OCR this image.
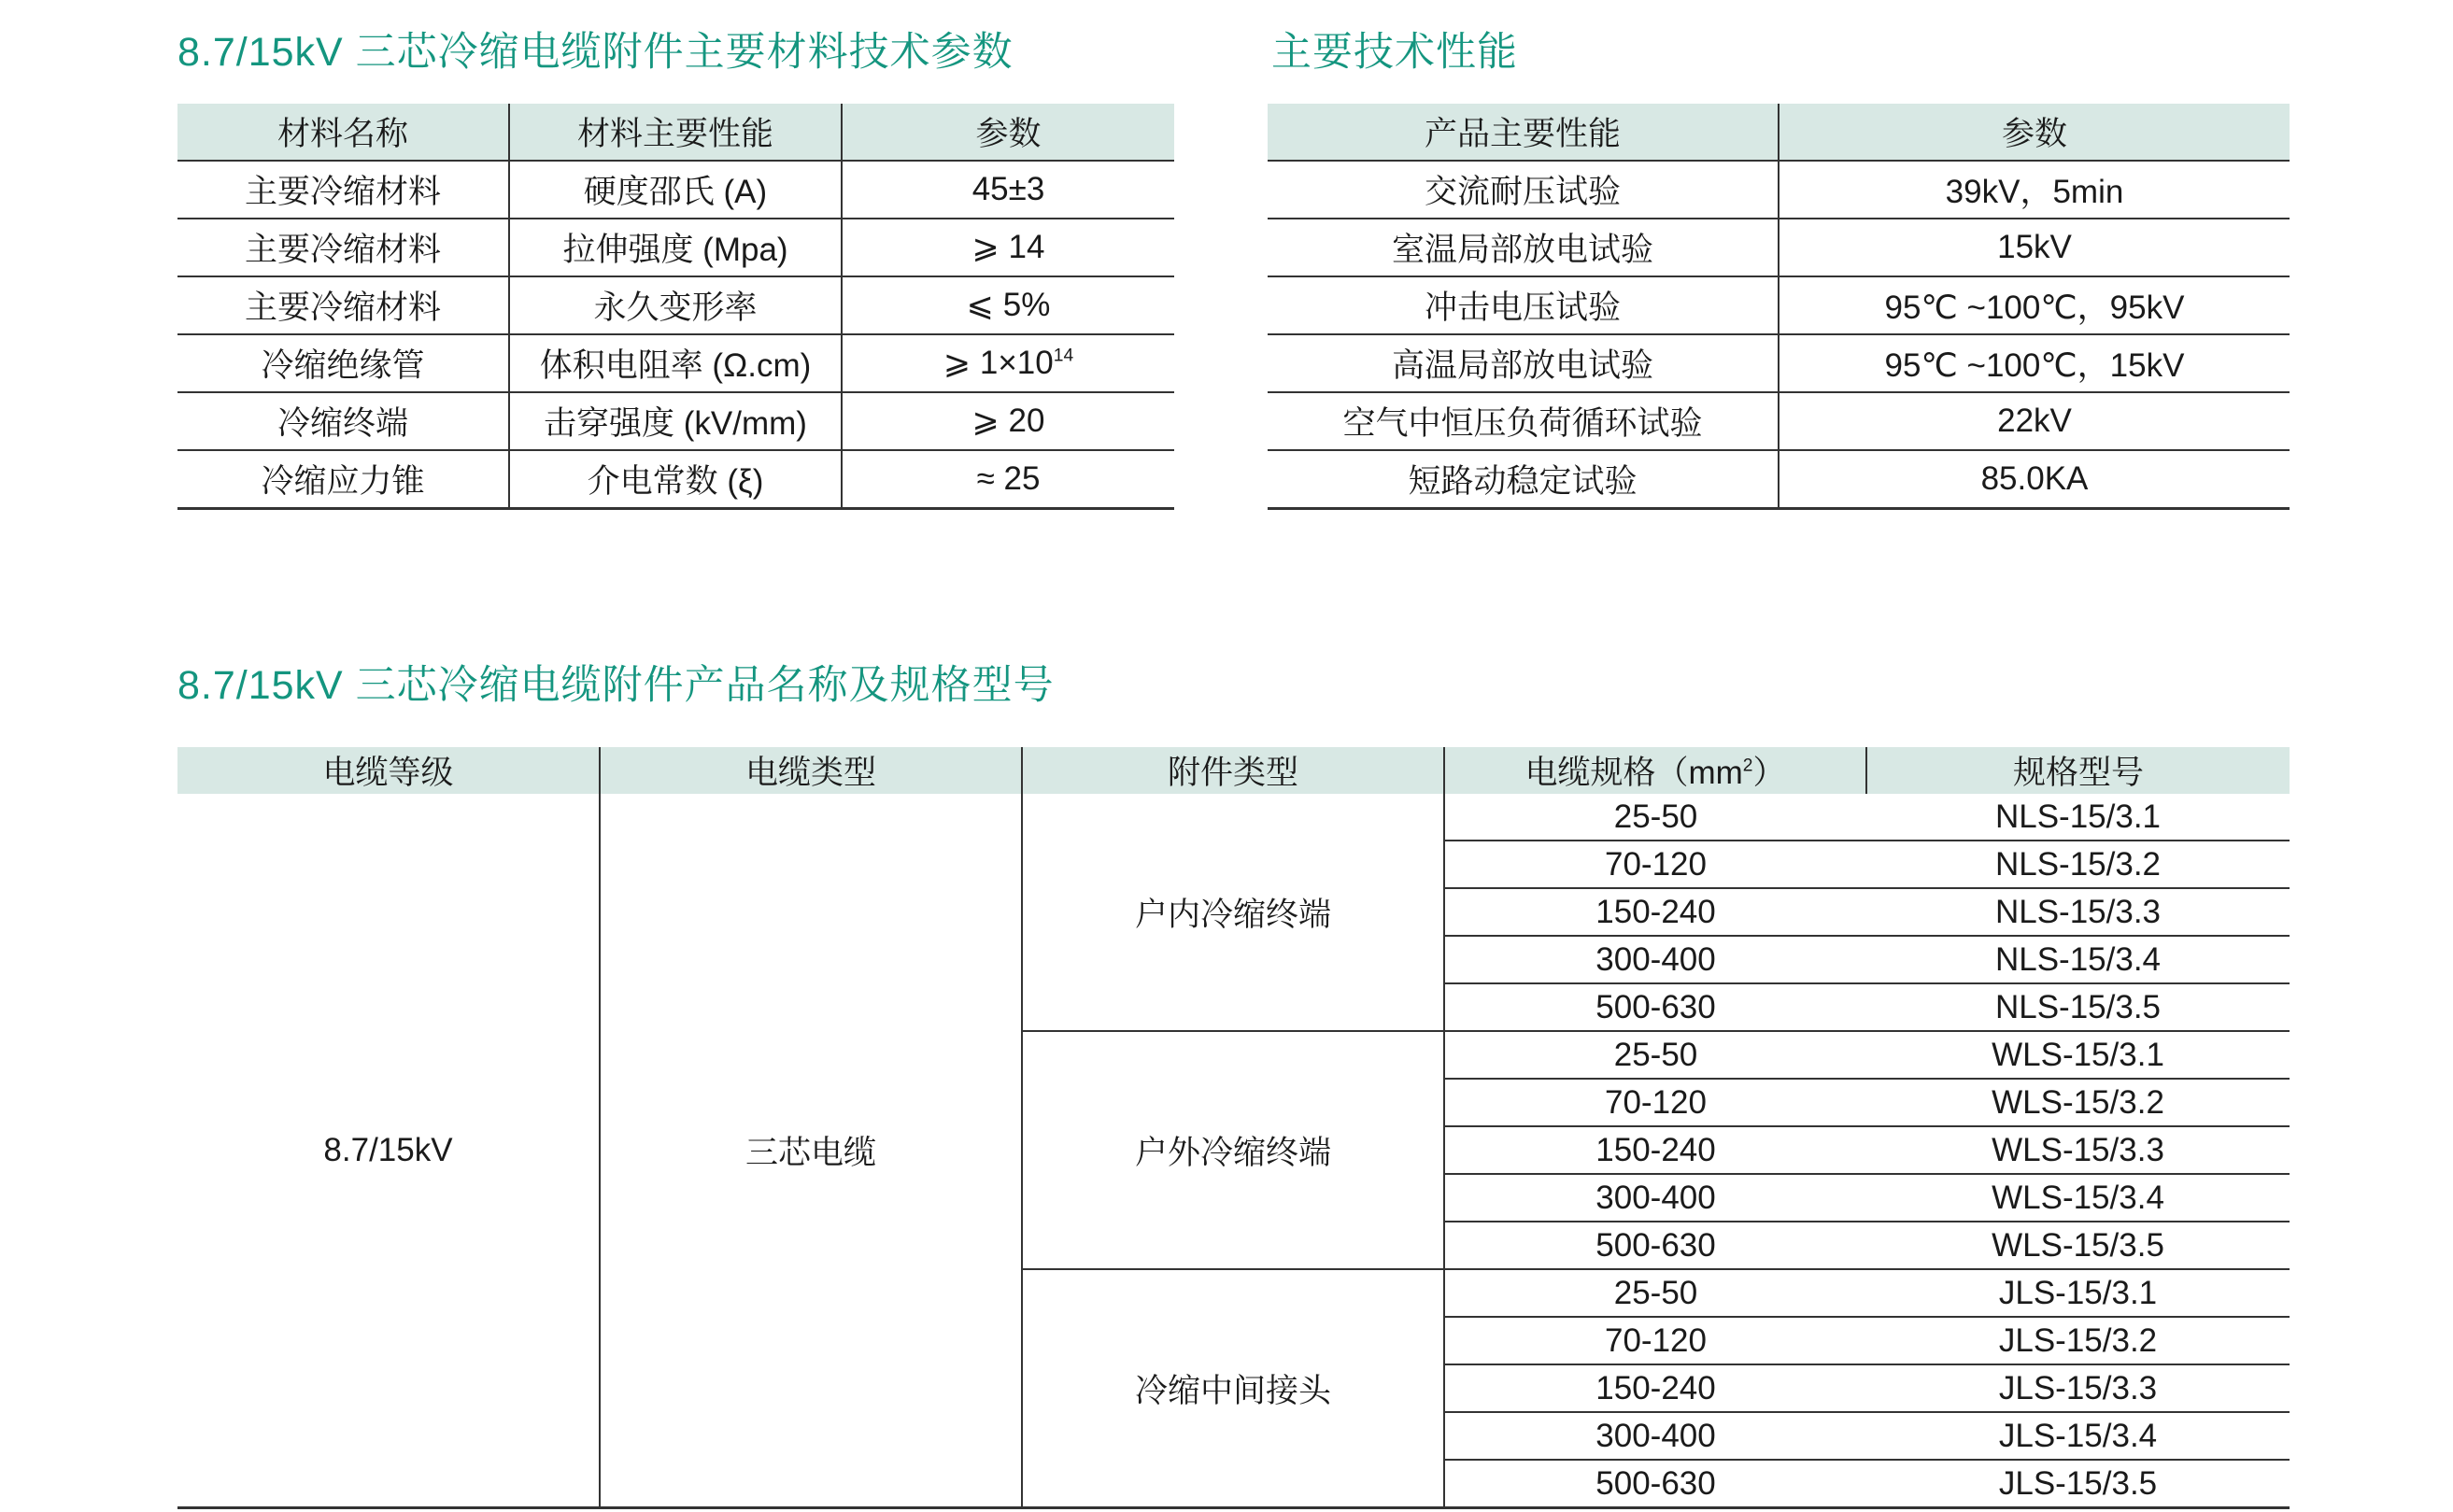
8.7/15kV 三芯冷缩电缆附件主要材料技术参数	主要技术性能
8.7/15kV 三芯冷缩电缆附件产品名称及规格型号
材料名称	材料主要性能	参数
主要冷缩材料	硬度邵氏 (A)	45±3
主要冷缩材料	拉伸强度 (Mpa)	⩾ 14
主要冷缩材料	永久变形率	⩽ 5%
冷缩绝缘管	体积电阻率 (Ω.cm)	⩾ $1\times 10^{14}$
冷缩终端	击穿强度 (kV/mm)	⩾ 20
冷缩应力锥	介电常数 (ξ)	≈ 25
产品主要性能	参数
交流耐压试验	39kV，5min
室温局部放电试验	15kV
冲击电压试验	95℃ ~100℃，95kV
高温局部放电试验	95℃ ~100℃，15kV
空气中恒压负荷循环试验	22kV
短路动稳定试验	85.0KA
电缆等级	电缆类型	附件类型	电缆规格$(mm^2)$	规格型号
8.7/15kV	三芯电缆	户内冷缩终端	25-50	NLS-15/3.1
			70-120	NLS-15/3.2
			150-240	NLS-15/3.3
			300-400	NLS-15/3.4
			500-630	NLS-15/3.5
		户外冷缩终端	25-50	WLS-15/3.1
			70-120	WLS-15/3.2
			150-240	WLS-15/3.3
			300-400	WLS-15/3.4
			500-630	WLS-15/3.5
		冷缩中间接头	25-50	JLS-15/3.1
			70-120	JLS-15/3.2
			150-240	JLS-15/3.3
			300-400	JLS-15/3.4
			500-630	JLS-15/3.5
